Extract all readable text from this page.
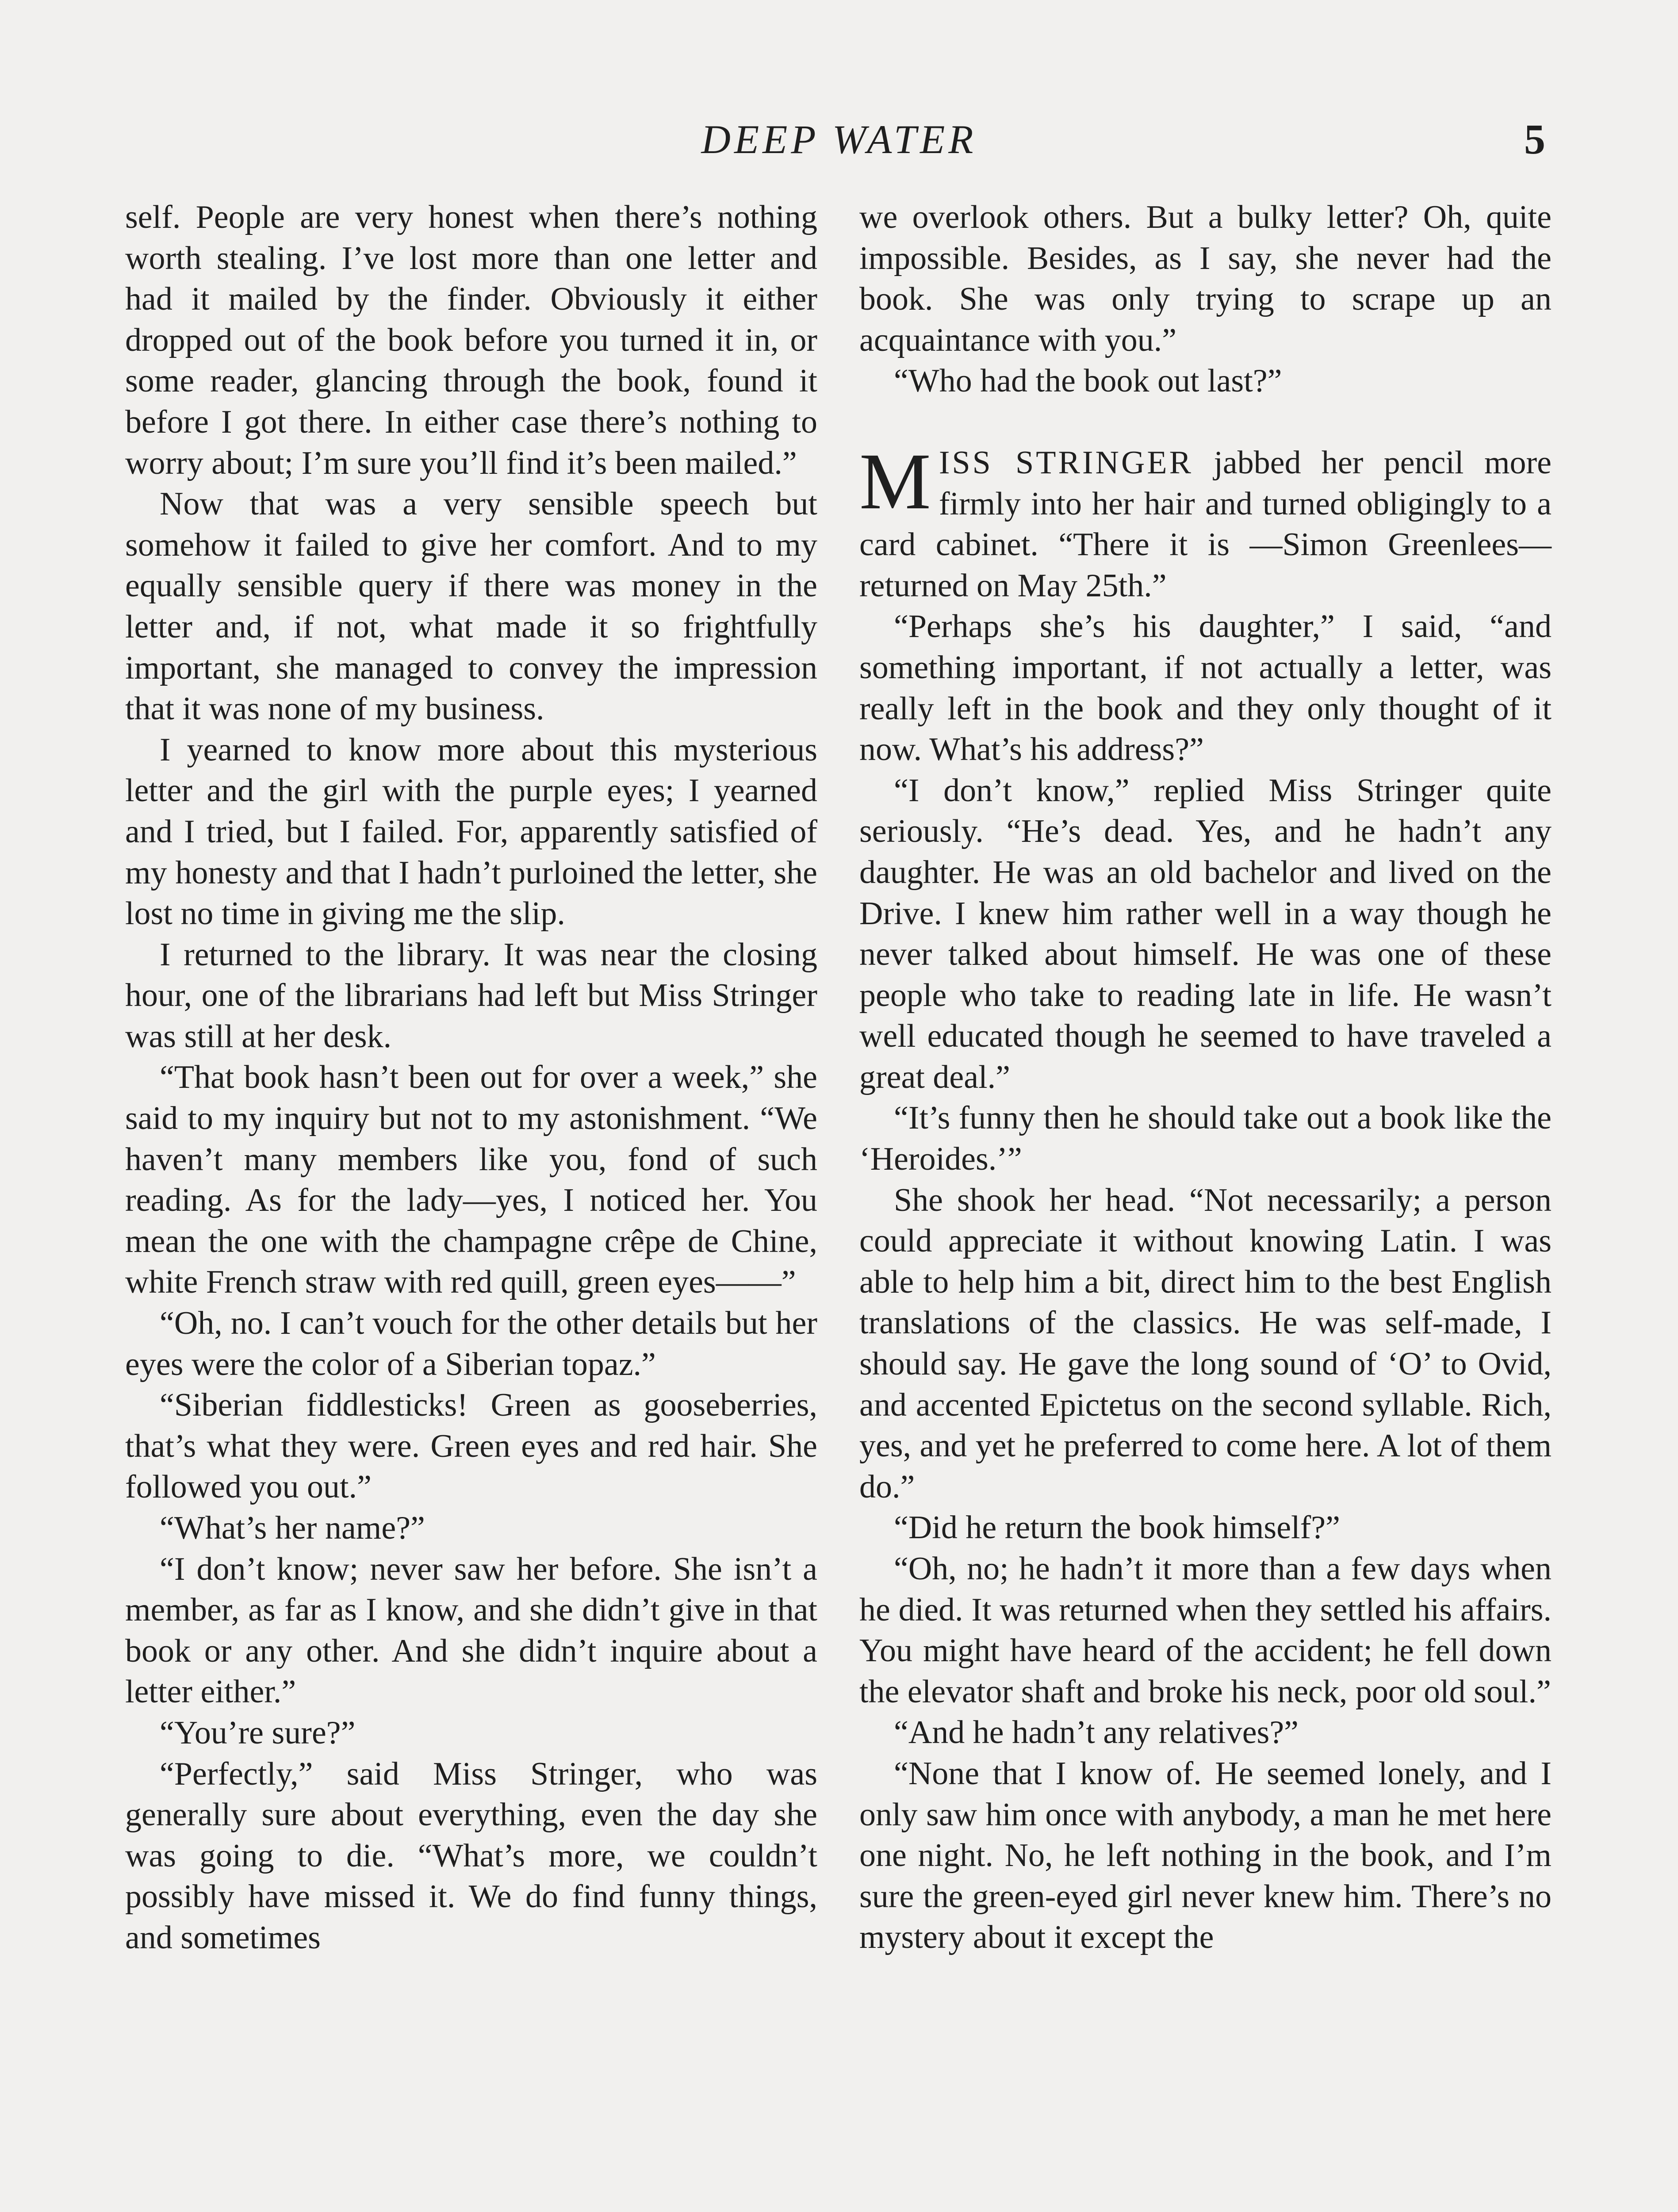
DEEP WATER	5

self. People are very honest when there’s nothing worth stealing. I’ve lost more than one letter and had it mailed by the finder. Obviously it either dropped out of the book before you turned it in, or some reader, glancing through the book, found it before I got there. In either case there’s nothing to worry about; I’m sure you’ll find it’s been mailed.”

Now that was a very sensible speech but somehow it failed to give her comfort. And to my equally sensible query if there was money in the letter and, if not, what made it so frightfully important, she managed to convey the impression that it was none of my business.

I yearned to know more about this mysterious letter and the girl with the purple eyes; I yearned and I tried, but I failed. For, apparently satisfied of my honesty and that I hadn’t purloined the letter, she lost no time in giving me the slip.

I returned to the library. It was near the closing hour, one of the librarians had left but Miss Stringer was still at her desk.

“That book hasn’t been out for over a week,” she said to my inquiry but not to my astonishment. “We haven’t many members like you, fond of such reading. As for the lady—yes, I noticed her. You mean the one with the champagne crêpe de Chine, white French straw with red quill, green eyes——”

“Oh, no. I can’t vouch for the other details but her eyes were the color of a Siberian topaz.”

“Siberian fiddlesticks! Green as gooseberries, that’s what they were. Green eyes and red hair. She followed you out.”

“What’s her name?”

“I don’t know; never saw her before. She isn’t a member, as far as I know, and she didn’t give in that book or any other. And she didn’t inquire about a letter either.”

“You’re sure?”

“Perfectly,” said Miss Stringer, who was generally sure about everything, even the day she was going to die. “What’s more, we couldn’t possibly have missed it. We do find funny things, and sometimes

we overlook others. But a bulky letter? Oh, quite impossible. Besides, as I say, she never had the book. She was only trying to scrape up an acquaintance with you.”

“Who had the book out last?”

MISS STRINGER jabbed her pencil more firmly into her hair and turned obligingly to a card cabinet. “There it is —Simon Greenlees—returned on May 25th.”

“Perhaps she’s his daughter,” I said, “and something important, if not actually a letter, was really left in the book and they only thought of it now. What’s his address?”

“I don’t know,” replied Miss Stringer quite seriously. “He’s dead. Yes, and he hadn’t any daughter. He was an old bachelor and lived on the Drive. I knew him rather well in a way though he never talked about himself. He was one of these people who take to reading late in life. He wasn’t well educated though he seemed to have traveled a great deal.”

“It’s funny then he should take out a book like the ‘Heroides.’”

She shook her head. “Not necessarily; a person could appreciate it without knowing Latin. I was able to help him a bit, direct him to the best English translations of the classics. He was self-made, I should say. He gave the long sound of ‘O’ to Ovid, and accented Epictetus on the second syllable. Rich, yes, and yet he preferred to come here. A lot of them do.”

“Did he return the book himself?”

“Oh, no; he hadn’t it more than a few days when he died. It was returned when they settled his affairs. You might have heard of the accident; he fell down the elevator shaft and broke his neck, poor old soul.”

“And he hadn’t any relatives?”

“None that I know of. He seemed lonely, and I only saw him once with anybody, a man he met here one night. No, he left nothing in the book, and I’m sure the green-eyed girl never knew him. There’s no mystery about it except the
